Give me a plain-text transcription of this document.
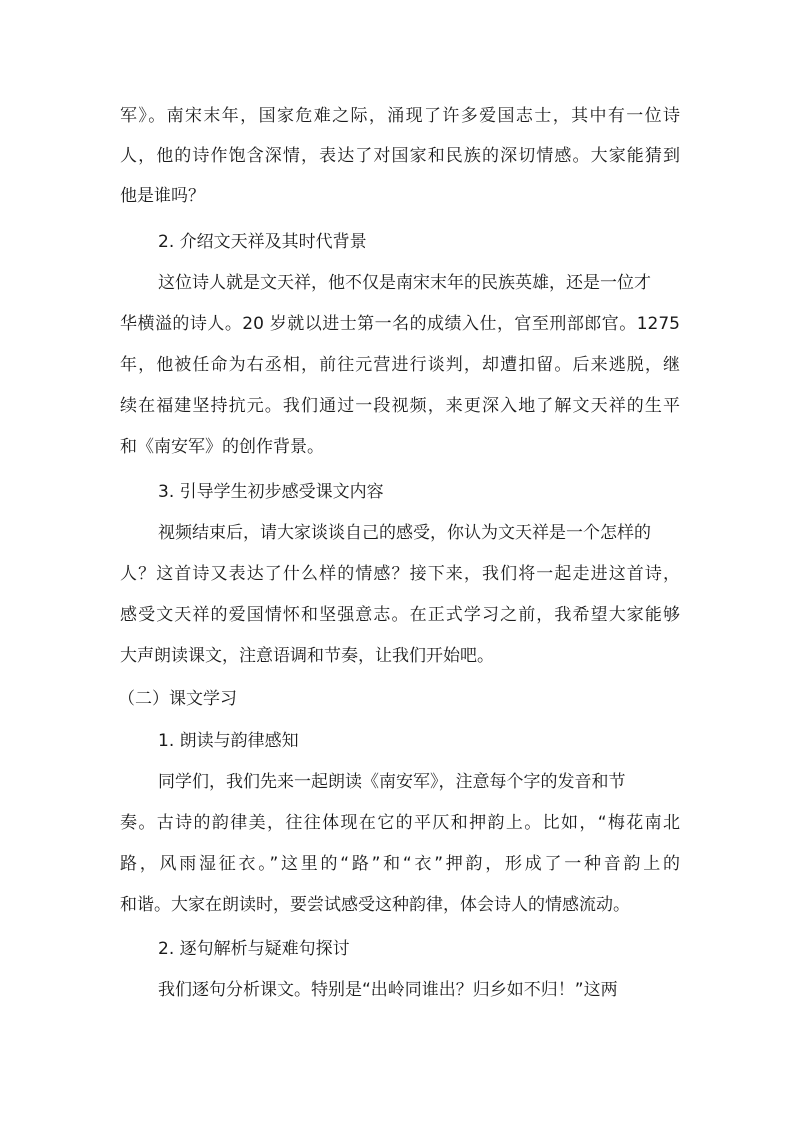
军》。南宋末年，国家危难之际，涌现了许多爱国志士，其中有一位诗
人，他的诗作饱含深情，表达了对国家和民族的深切情感。大家能猜到
他是谁吗？
2. 介绍文天祥及其时代背景
这位诗人就是文天祥，他不仅是南宋末年的民族英雄，还是一位才
华横溢的诗人。20 岁就以进士第一名的成绩入仕，官至刑部郎官。1275
年，他被任命为右丞相，前往元营进行谈判，却遭扣留。后来逃脱，继
续在福建坚持抗元。我们通过一段视频，来更深入地了解文天祥的生平
和《南安军》的创作背景。
3. 引导学生初步感受课文内容
视频结束后，请大家谈谈自己的感受，你认为文天祥是一个怎样的
人？这首诗又表达了什么样的情感？接下来，我们将一起走进这首诗，
感受文天祥的爱国情怀和坚强意志。在正式学习之前，我希望大家能够
大声朗读课文，注意语调和节奏，让我们开始吧。
（二）课文学习
1. 朗读与韵律感知
同学们，我们先来一起朗读《南安军》，注意每个字的发音和节
奏。古诗的韵律美，往往体现在它的平仄和押韵上。比如，“梅花南北
路，风雨湿征衣。”这里的“路”和“衣”押韵，形成了一种音韵上的
和谐。大家在朗读时，要尝试感受这种韵律，体会诗人的情感流动。
2. 逐句解析与疑难句探讨
我们逐句分析课文。特别是“出岭同谁出？归乡如不归！”这两
